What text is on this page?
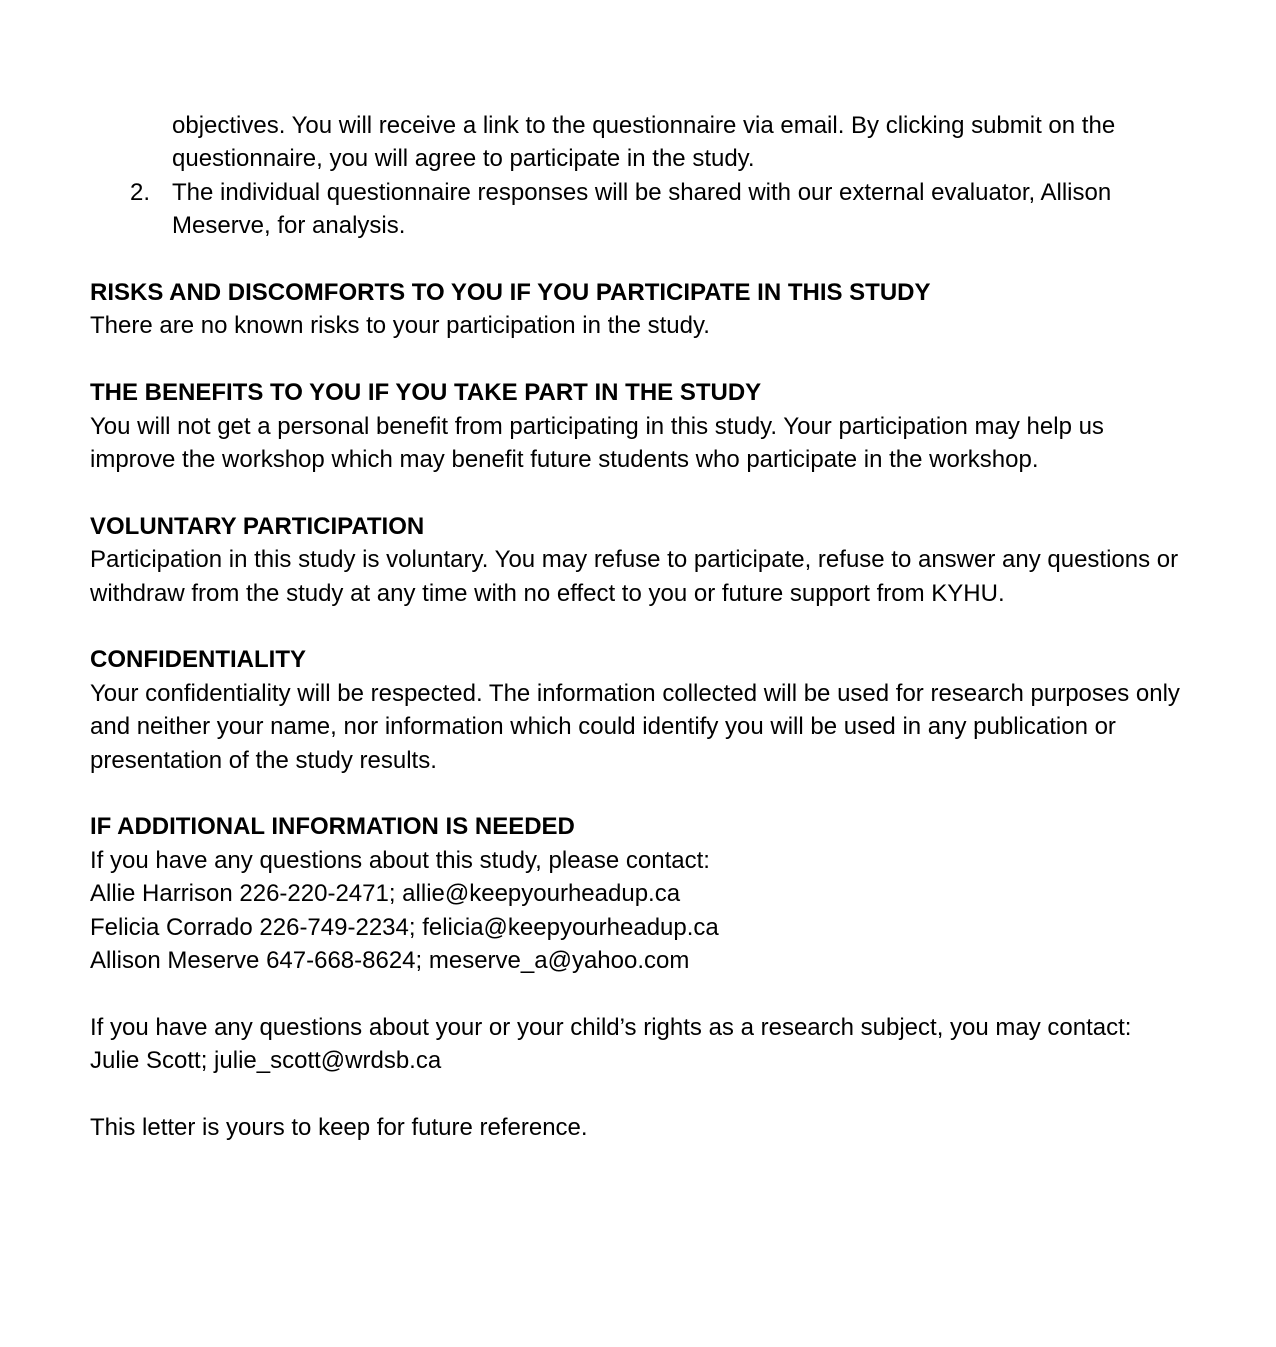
objectives. You will receive a link to the questionnaire via email. By clicking submit on the questionnaire, you will agree to participate in the study.

2. The individual questionnaire responses will be shared with our external evaluator, Allison Meserve, for analysis.

RISKS AND DISCOMFORTS TO YOU IF YOU PARTICIPATE IN THIS STUDY

There are no known risks to your participation in the study.

THE BENEFITS TO YOU IF YOU TAKE PART IN THE STUDY

You will not get a personal benefit from participating in this study. Your participation may help us improve the workshop which may benefit future students who participate in the workshop.

VOLUNTARY PARTICIPATION

Participation in this study is voluntary. You may refuse to participate, refuse to answer any questions or withdraw from the study at any time with no effect to you or future support from KYHU.

CONFIDENTIALITY

Your confidentiality will be respected. The information collected will be used for research purposes only and neither your name, nor information which could identify you will be used in any publication or presentation of the study results.

IF ADDITIONAL INFORMATION IS NEEDED

If you have any questions about this study, please contact:

Allie Harrison 226-220-2471; allie@keepyourheadup.ca

Felicia Corrado 226-749-2234; felicia@keepyourheadup.ca

Allison Meserve 647-668-8624; meserve_a@yahoo.com

If you have any questions about your or your child’s rights as a research subject, you may contact:

Julie Scott; julie_scott@wrdsb.ca

This letter is yours to keep for future reference.
